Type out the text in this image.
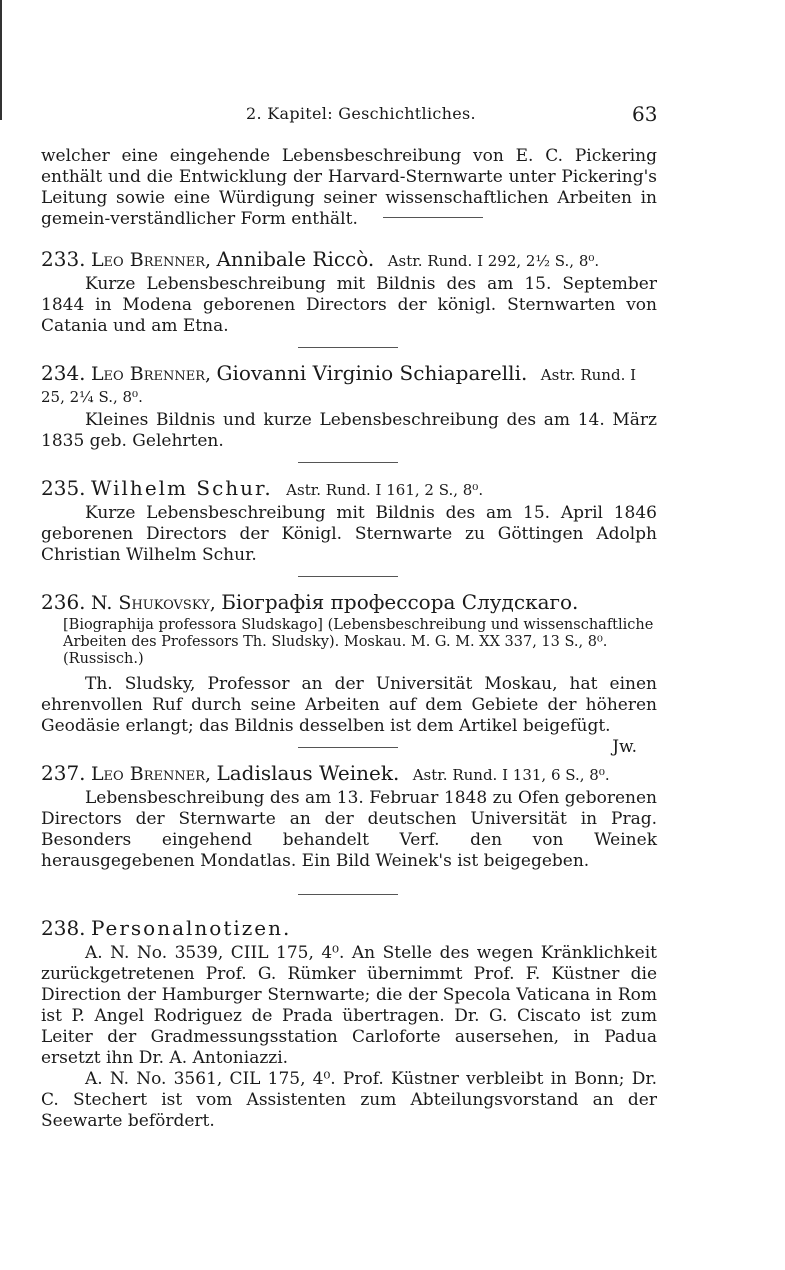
2. Kapitel: Geschichtliches.	63

welcher eine eingehende Lebensbeschreibung von E. C. Pickering enthält und die Entwicklung der Harvard-Sternwarte unter Pickering's Leitung sowie eine Würdigung seiner wissenschaftlichen Arbeiten in gemein-verständlicher Form enthält.

233. Leo Brenner, Annibale Riccò. Astr. Rund. I 292, 2½ S., 8⁰.

Kurze Lebensbeschreibung mit Bildnis des am 15. September 1844 in Modena geborenen Directors der königl. Sternwarten von Catania und am Etna.

234. Leo Brenner, Giovanni Virginio Schiaparelli. Astr. Rund. I 25, 2¼ S., 8⁰.

Kleines Bildnis und kurze Lebensbeschreibung des am 14. März 1835 geb. Gelehrten.

235. Wilhelm Schur. Astr. Rund. I 161, 2 S., 8⁰.

Kurze Lebensbeschreibung mit Bildnis des am 15. April 1846 geborenen Directors der Königl. Sternwarte zu Göttingen Adolph Christian Wilhelm Schur.

236. N. Shukovsky, Біографія профессора Слудскаго.
[Biographija professora Sludskago] (Lebensbeschreibung und wissenschaftliche Arbeiten des Professors Th. Sludsky). Moskau. M. G. M. XX 337, 13 S., 8⁰. (Russisch.)

Th. Sludsky, Professor an der Universität Moskau, hat einen ehrenvollen Ruf durch seine Arbeiten auf dem Gebiete der höheren Geodäsie erlangt; das Bildnis desselben ist dem Artikel beigefügt.
Jw.

237. Leo Brenner, Ladislaus Weinek. Astr. Rund. I 131, 6 S., 8⁰.

Lebensbeschreibung des am 13. Februar 1848 zu Ofen geborenen Directors der Sternwarte an der deutschen Universität in Prag. Besonders eingehend behandelt Verf. den von Weinek herausgegebenen Mondatlas. Ein Bild Weinek's ist beigegeben.

238. Personalnotizen.

A. N. No. 3539, CIIL 175, 4⁰. An Stelle des wegen Kränklichkeit zurückgetretenen Prof. G. Rümker übernimmt Prof. F. Küstner die Direction der Hamburger Sternwarte; die der Specola Vaticana in Rom ist P. Angel Rodriguez de Prada übertragen. Dr. G. Ciscato ist zum Leiter der Gradmessungsstation Carloforte ausersehen, in Padua ersetzt ihn Dr. A. Antoniazzi.

A. N. No. 3561, CIL 175, 4⁰. Prof. Küstner verbleibt in Bonn; Dr. C. Stechert ist vom Assistenten zum Abteilungsvorstand an der Seewarte befördert.
